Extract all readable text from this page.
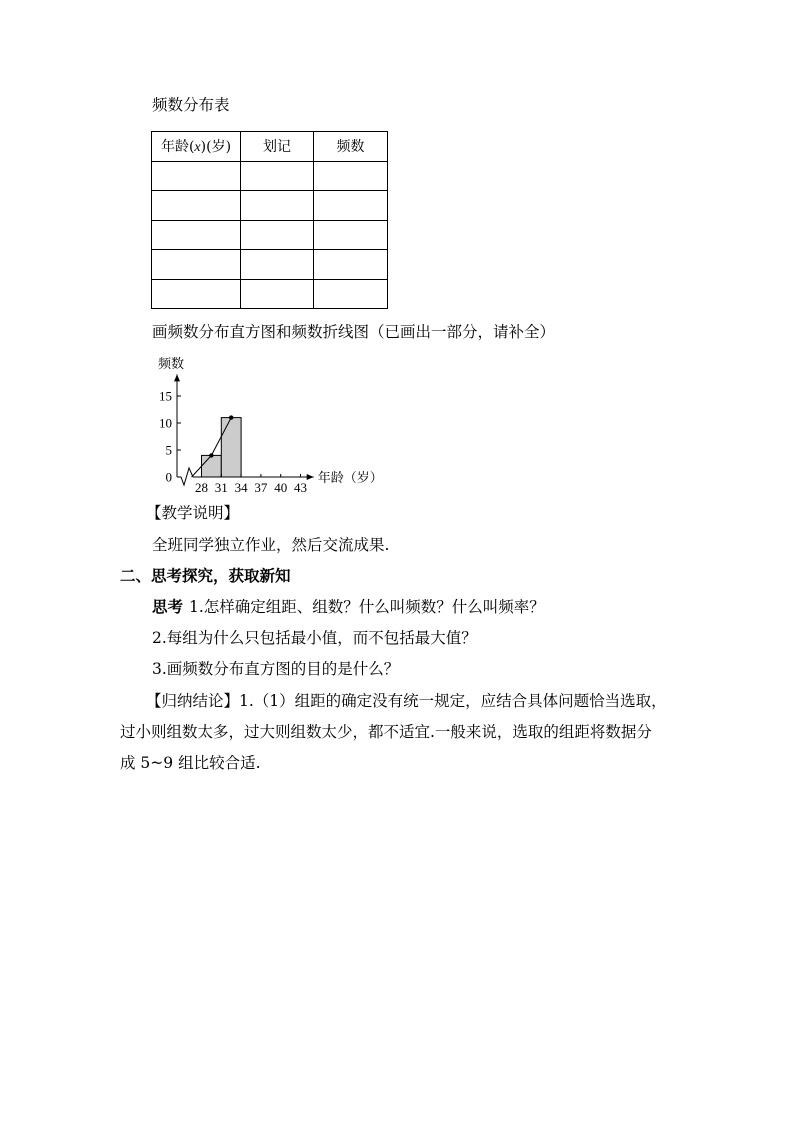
频数分布表
年龄(x)(岁)	划记	频数

画频数分布直方图和频数折线图（已画出一部分，请补全）
0
5
10
15
28 31 34 37 40 43
频数
年龄（岁）
【教学说明】
全班同学独立作业，然后交流成果.
二、思考探究，获取新知
思考 1.怎样确定组距、组数？什么叫频数？什么叫频率？
2.每组为什么只包括最小值，而不包括最大值？
3.画频数分布直方图的目的是什么？
【归纳结论】1.（1）组距的确定没有统一规定，应结合具体问题恰当选取，
过小则组数太多，过大则组数太少，都不适宜.一般来说，选取的组距将数据分
成 5~9 组比较合适.
